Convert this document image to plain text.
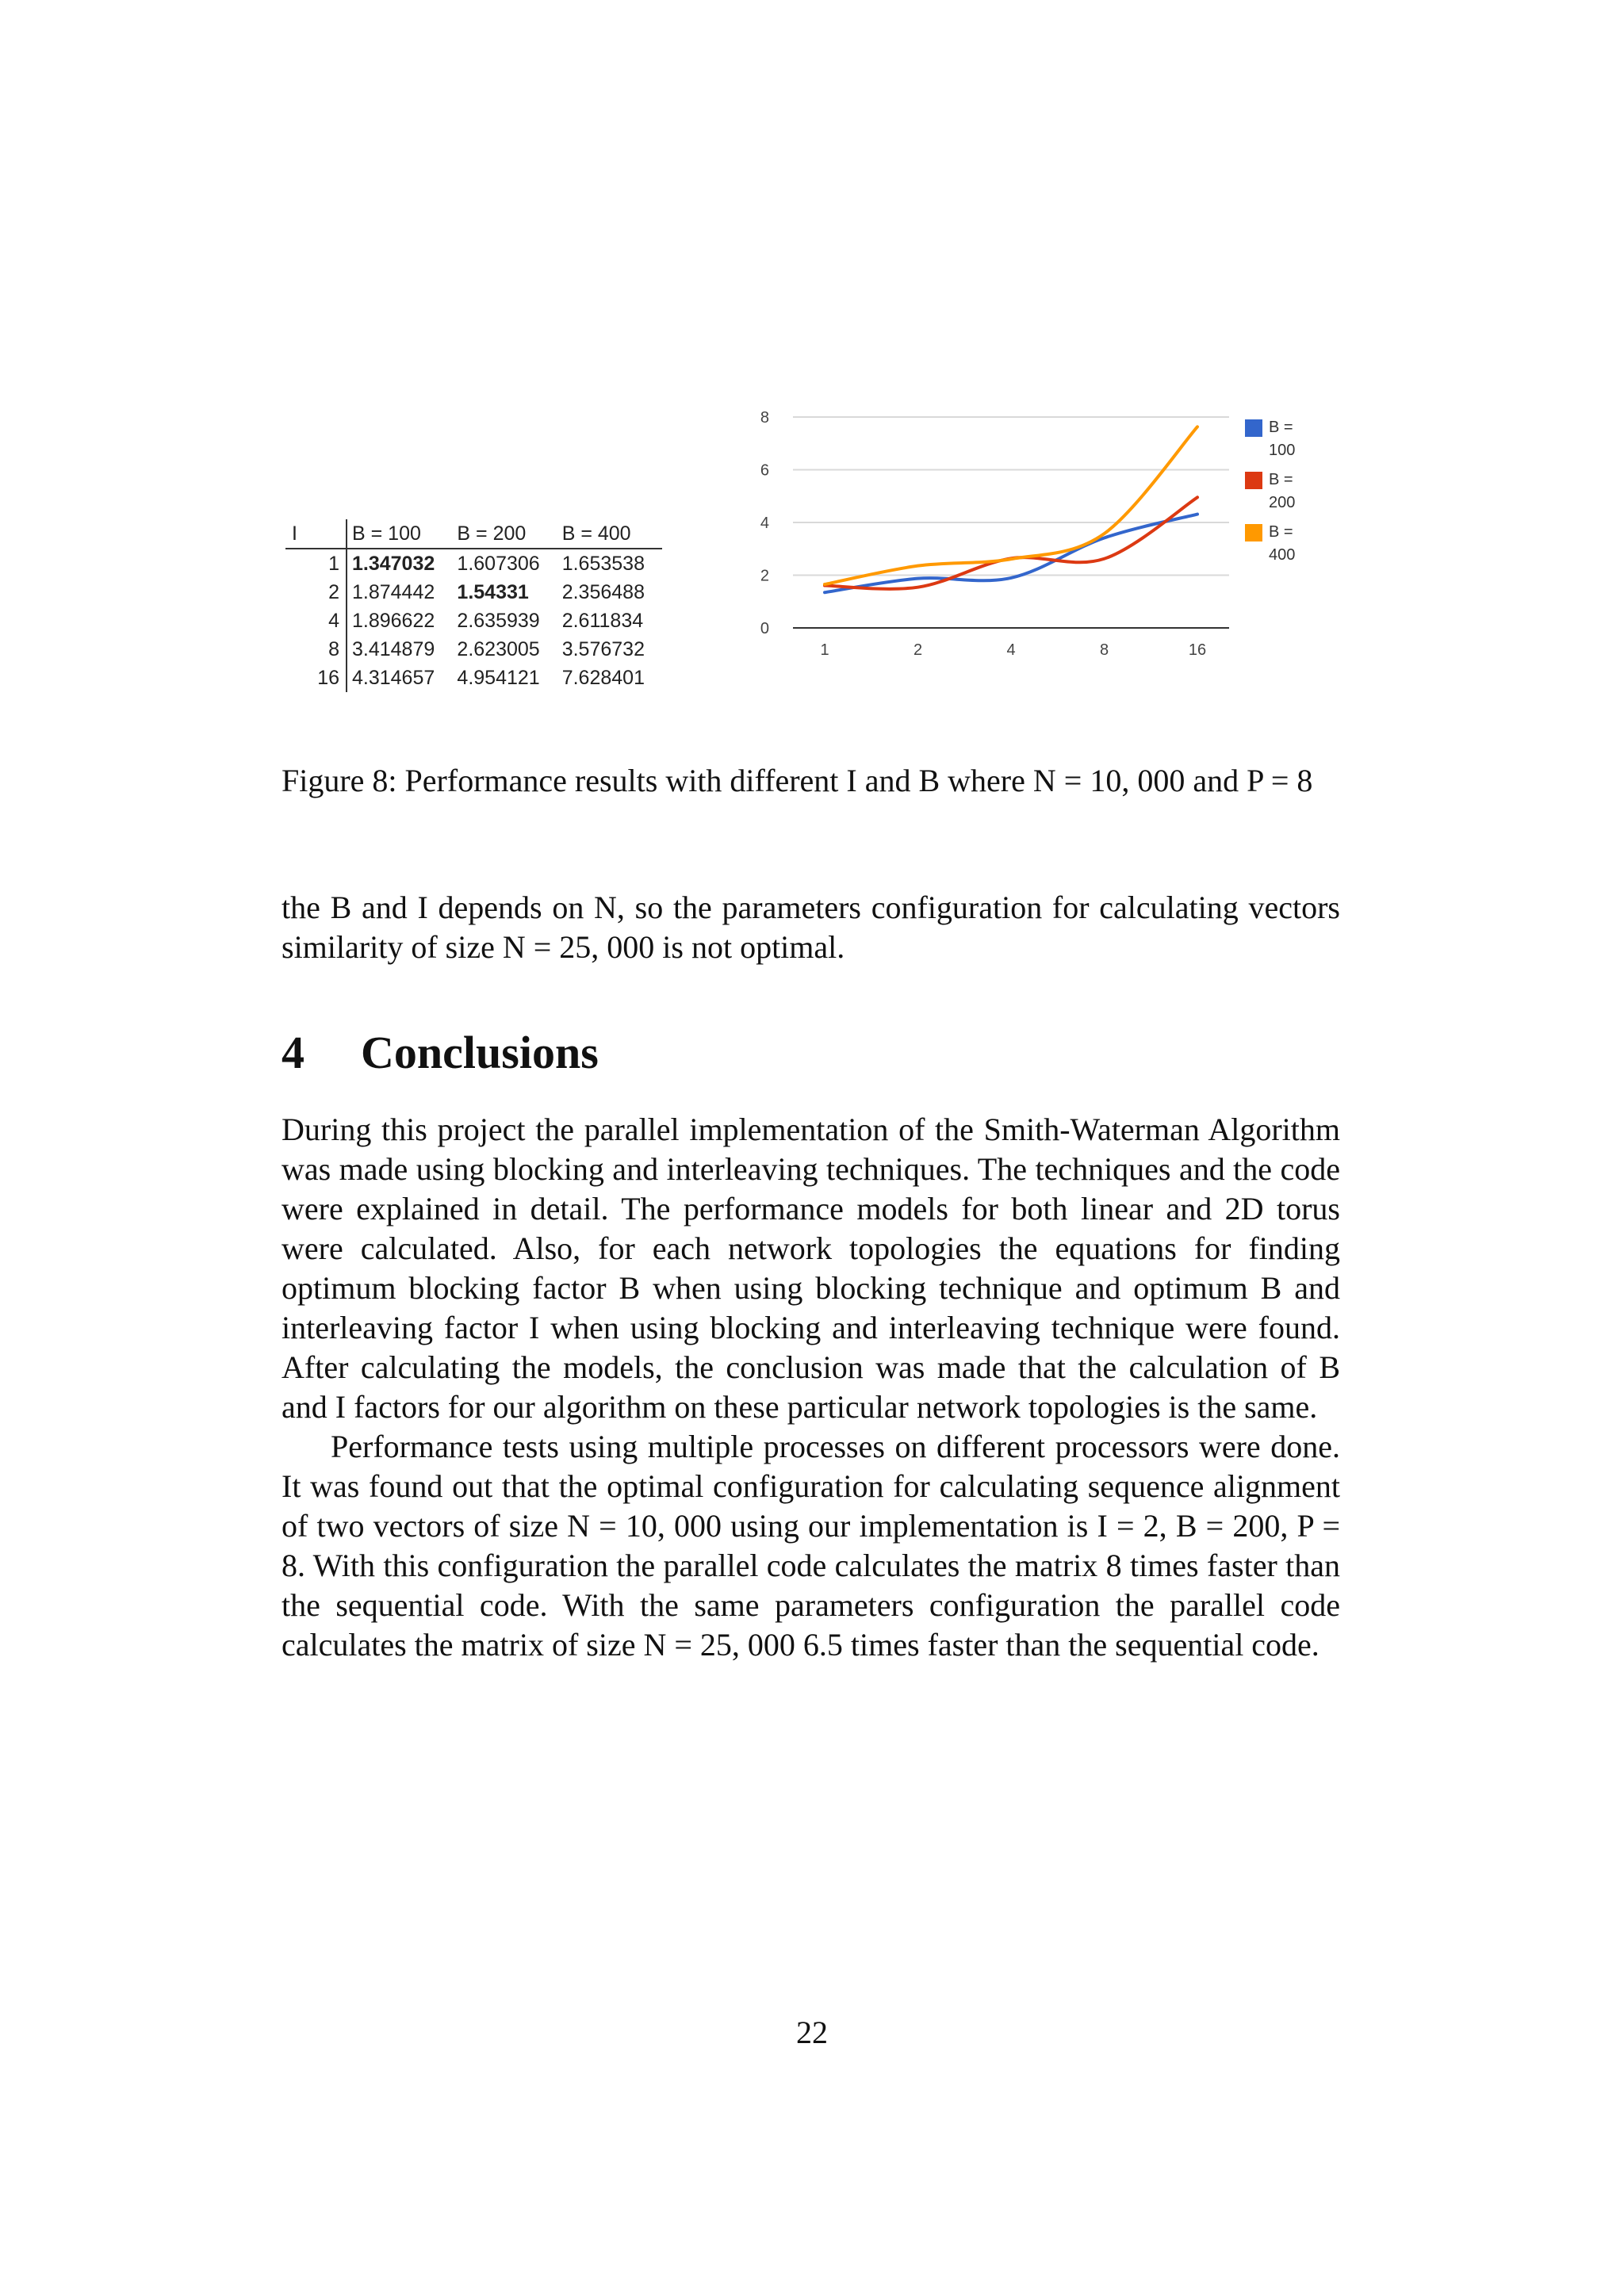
I	B = 100	B = 200	B = 400
1	1.347032	1.607306	1.653538
2	1.874442	1.54331	2.356488
4	1.896622	2.635939	2.611834
8	3.414879	2.623005	3.576732
16	4.314657	4.954121	7.628401
0
2
4
6
8
1	2	4	8	16
B =
100
B =
200
B =
400
Figure 8: Performance results with different I and B where N = 10, 000 and P = 8

the B and I depends on N, so the parameters configuration for calculating vectors similarity of size N = 25, 000 is not optimal.

4 Conclusions

During this project the parallel implementation of the Smith-Waterman Algorithm was made using blocking and interleaving techniques. The techniques and the code were explained in detail. The performance models for both linear and 2D torus were calculated. Also, for each network topologies the equations for finding optimum blocking factor B when using blocking technique and optimum B and interleaving factor I when using blocking and interleaving technique were found. After calculating the models, the conclusion was made that the calculation of B and I factors for our algorithm on these particular network topologies is the same.

Performance tests using multiple processes on different processors were done. It was found out that the optimal configuration for calculating sequence alignment of two vectors of size N = 10, 000 using our implementation is I = 2, B = 200, P = 8. With this configuration the parallel code calculates the matrix 8 times faster than the sequential code. With the same parameters configuration the parallel code calculates the matrix of size N = 25, 000 6.5 times faster than the sequential code.

22
